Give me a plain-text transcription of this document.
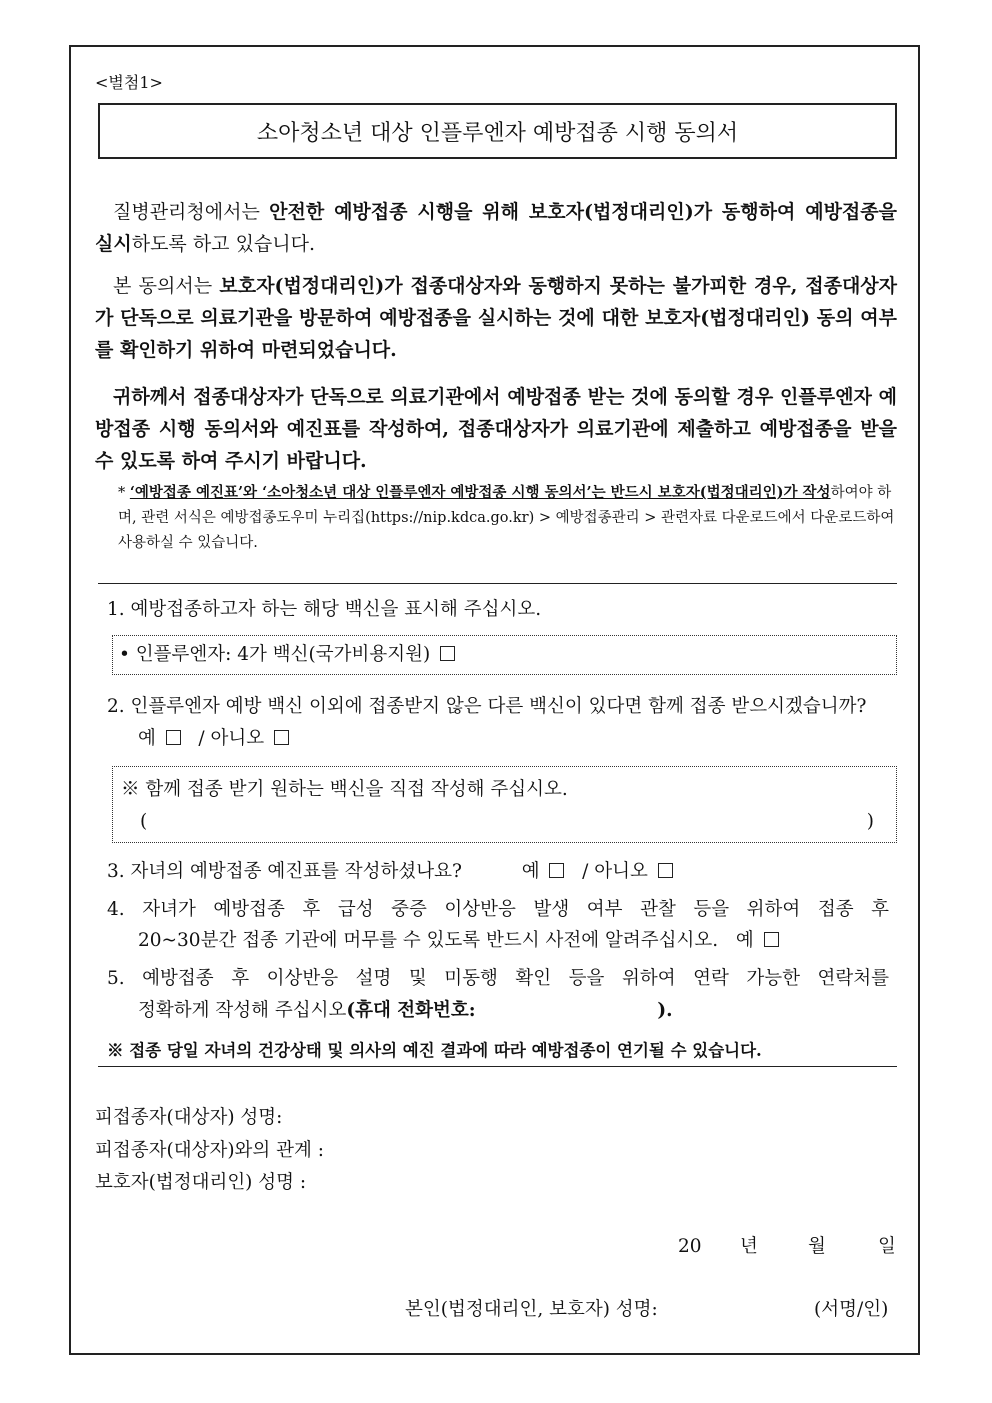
<별첨1>
소아청소년 대상 인플루엔자 예방접종 시행 동의서
질병관리청에서는 안전한 예방접종 시행을 위해 보호자(법정대리인)가 동행하여 예방접종을 실시하도록 하고 있습니다.
본 동의서는 보호자(법정대리인)가 접종대상자와 동행하지 못하는 불가피한 경우, 접종대상자가 단독으로 의료기관을 방문하여 예방접종을 실시하는 것에 대한 보호자(법정대리인) 동의 여부를 확인하기 위하여 마련되었습니다.
귀하께서 접종대상자가 단독으로 의료기관에서 예방접종 받는 것에 동의할 경우 인플루엔자 예방접종 시행 동의서와 예진표를 작성하여, 접종대상자가 의료기관에 제출하고 예방접종을 받을 수 있도록 하여 주시기 바랍니다.
* ‘예방접종 예진표’와 ‘소아청소년 대상 인플루엔자 예방접종 시행 동의서’는 반드시 보호자(법정대리인)가 작성하여야 하며, 관련 서식은 예방접종도우미 누리집(https://nip.kdca.go.kr) > 예방접종관리 > 관련자료 다운로드에서 다운로드하여 사용하실 수 있습니다.
1. 예방접종하고자 하는 해당 백신을 표시해 주십시오.
• 인플루엔자: 4가 백신(국가비용지원)
2. 인플루엔자 예방 백신 이외에 접종받지 않은 다른 백신이 있다면 함께 접종 받으시겠습니까?
예 / 아니오
※ 함께 접종 받기 원하는 백신을 직접 작성해 주십시오.
(	)
3. 자녀의 예방접종 예진표를 작성하셨나요?	예 / 아니오
4. 자녀가 예방접종 후 급성 중증 이상반응 발생 여부 관찰 등을 위하여 접종 후
20~30분간 접종 기관에 머무를 수 있도록 반드시 사전에 알려주십시오. 예
5. 예방접종 후 이상반응 설명 및 미동행 확인 등을 위하여 연락 가능한 연락처를
정확하게 작성해 주십시오(휴대 전화번호:	).
※ 접종 당일 자녀의 건강상태 및 의사의 예진 결과에 따라 예방접종이 연기될 수 있습니다.
피접종자(대상자) 성명:
피접종자(대상자)와의 관계 :
보호자(법정대리인) 성명 :
20 년	월	일
본인(법정대리인, 보호자) 성명:	(서명/인)
